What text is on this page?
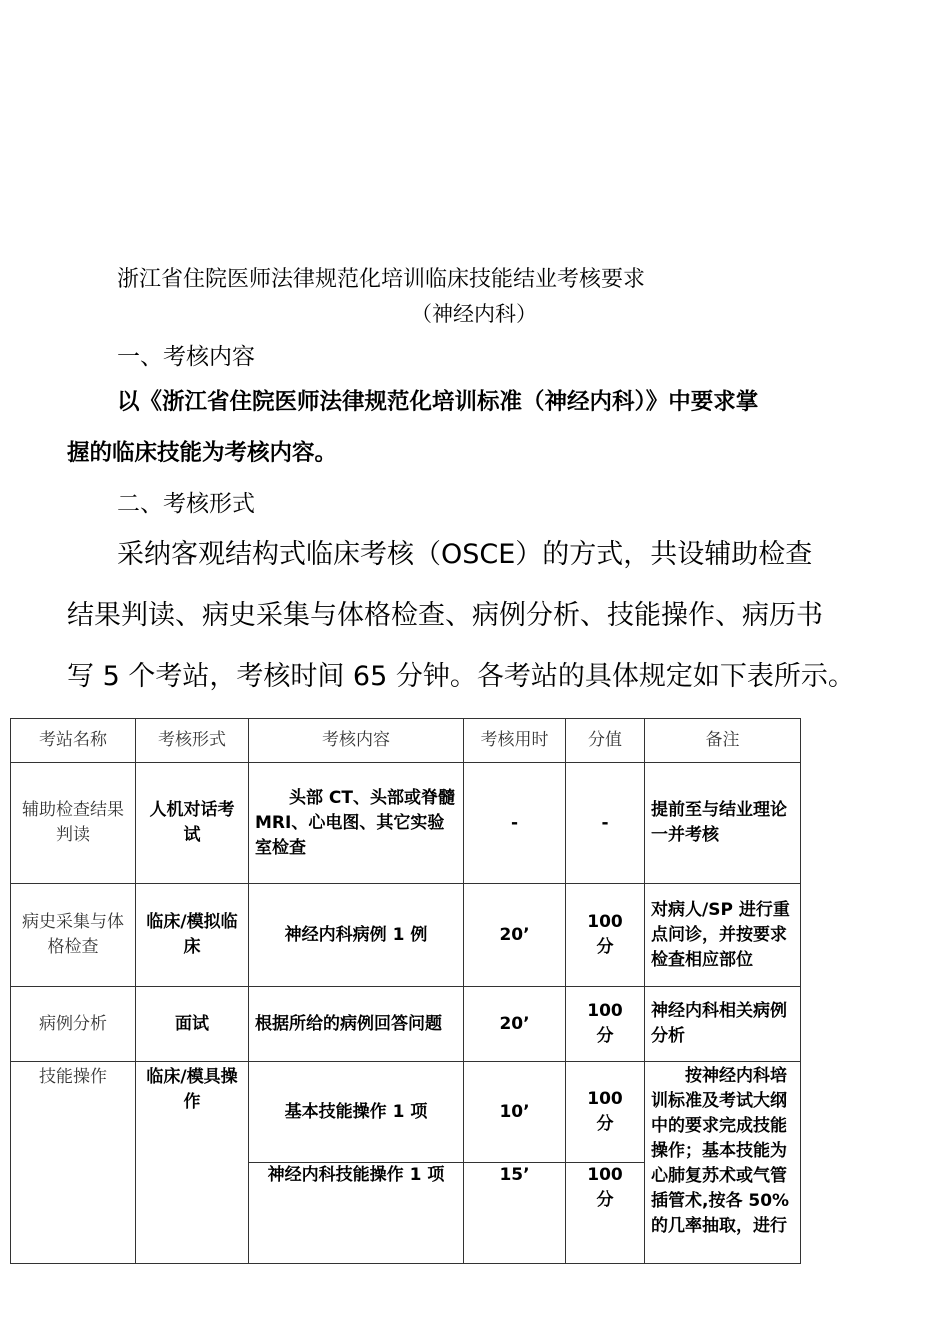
浙江省住院医师法律规范化培训临床技能结业考核要求
（神经内科）
一、考核内容
以《浙江省住院医师法律规范化培训标准（神经内科）》中要求掌
握的临床技能为考核内容。
二、考核形式
采纳客观结构式临床考核（OSCE）的方式，共设辅助检查
结果判读、病史采集与体格检查、病例分析、技能操作、病历书
写 5 个考站，考核时间 65 分钟。各考站的具体规定如下表所示。
考站名称	考核形式	考核内容	考核用时	分值	备注
辅助检查结果判读	人机对话考试	　　头部 CT、头部或脊髓 MRI、心电图、其它实验室检查	-	-	提前至与结业理论一并考核
病史采集与体格检查	临床/模拟临床	神经内科病例 1 例	20’	100分	对病人/SP 进行重点问诊，并按要求检查相应部位
病例分析	面试	根据所给的病例回答问题	20’	100分	神经内科相关病例分析
技能操作	临床/模具操作	基本技能操作 1 项	10’	100分	　　按神经内科培训标准及考试大纲中的要求完成技能操作；基本技能为心肺复苏术或气管插管术,按各 50%的几率抽取，进行
		神经内科技能操作 1 项	15’	100分	
